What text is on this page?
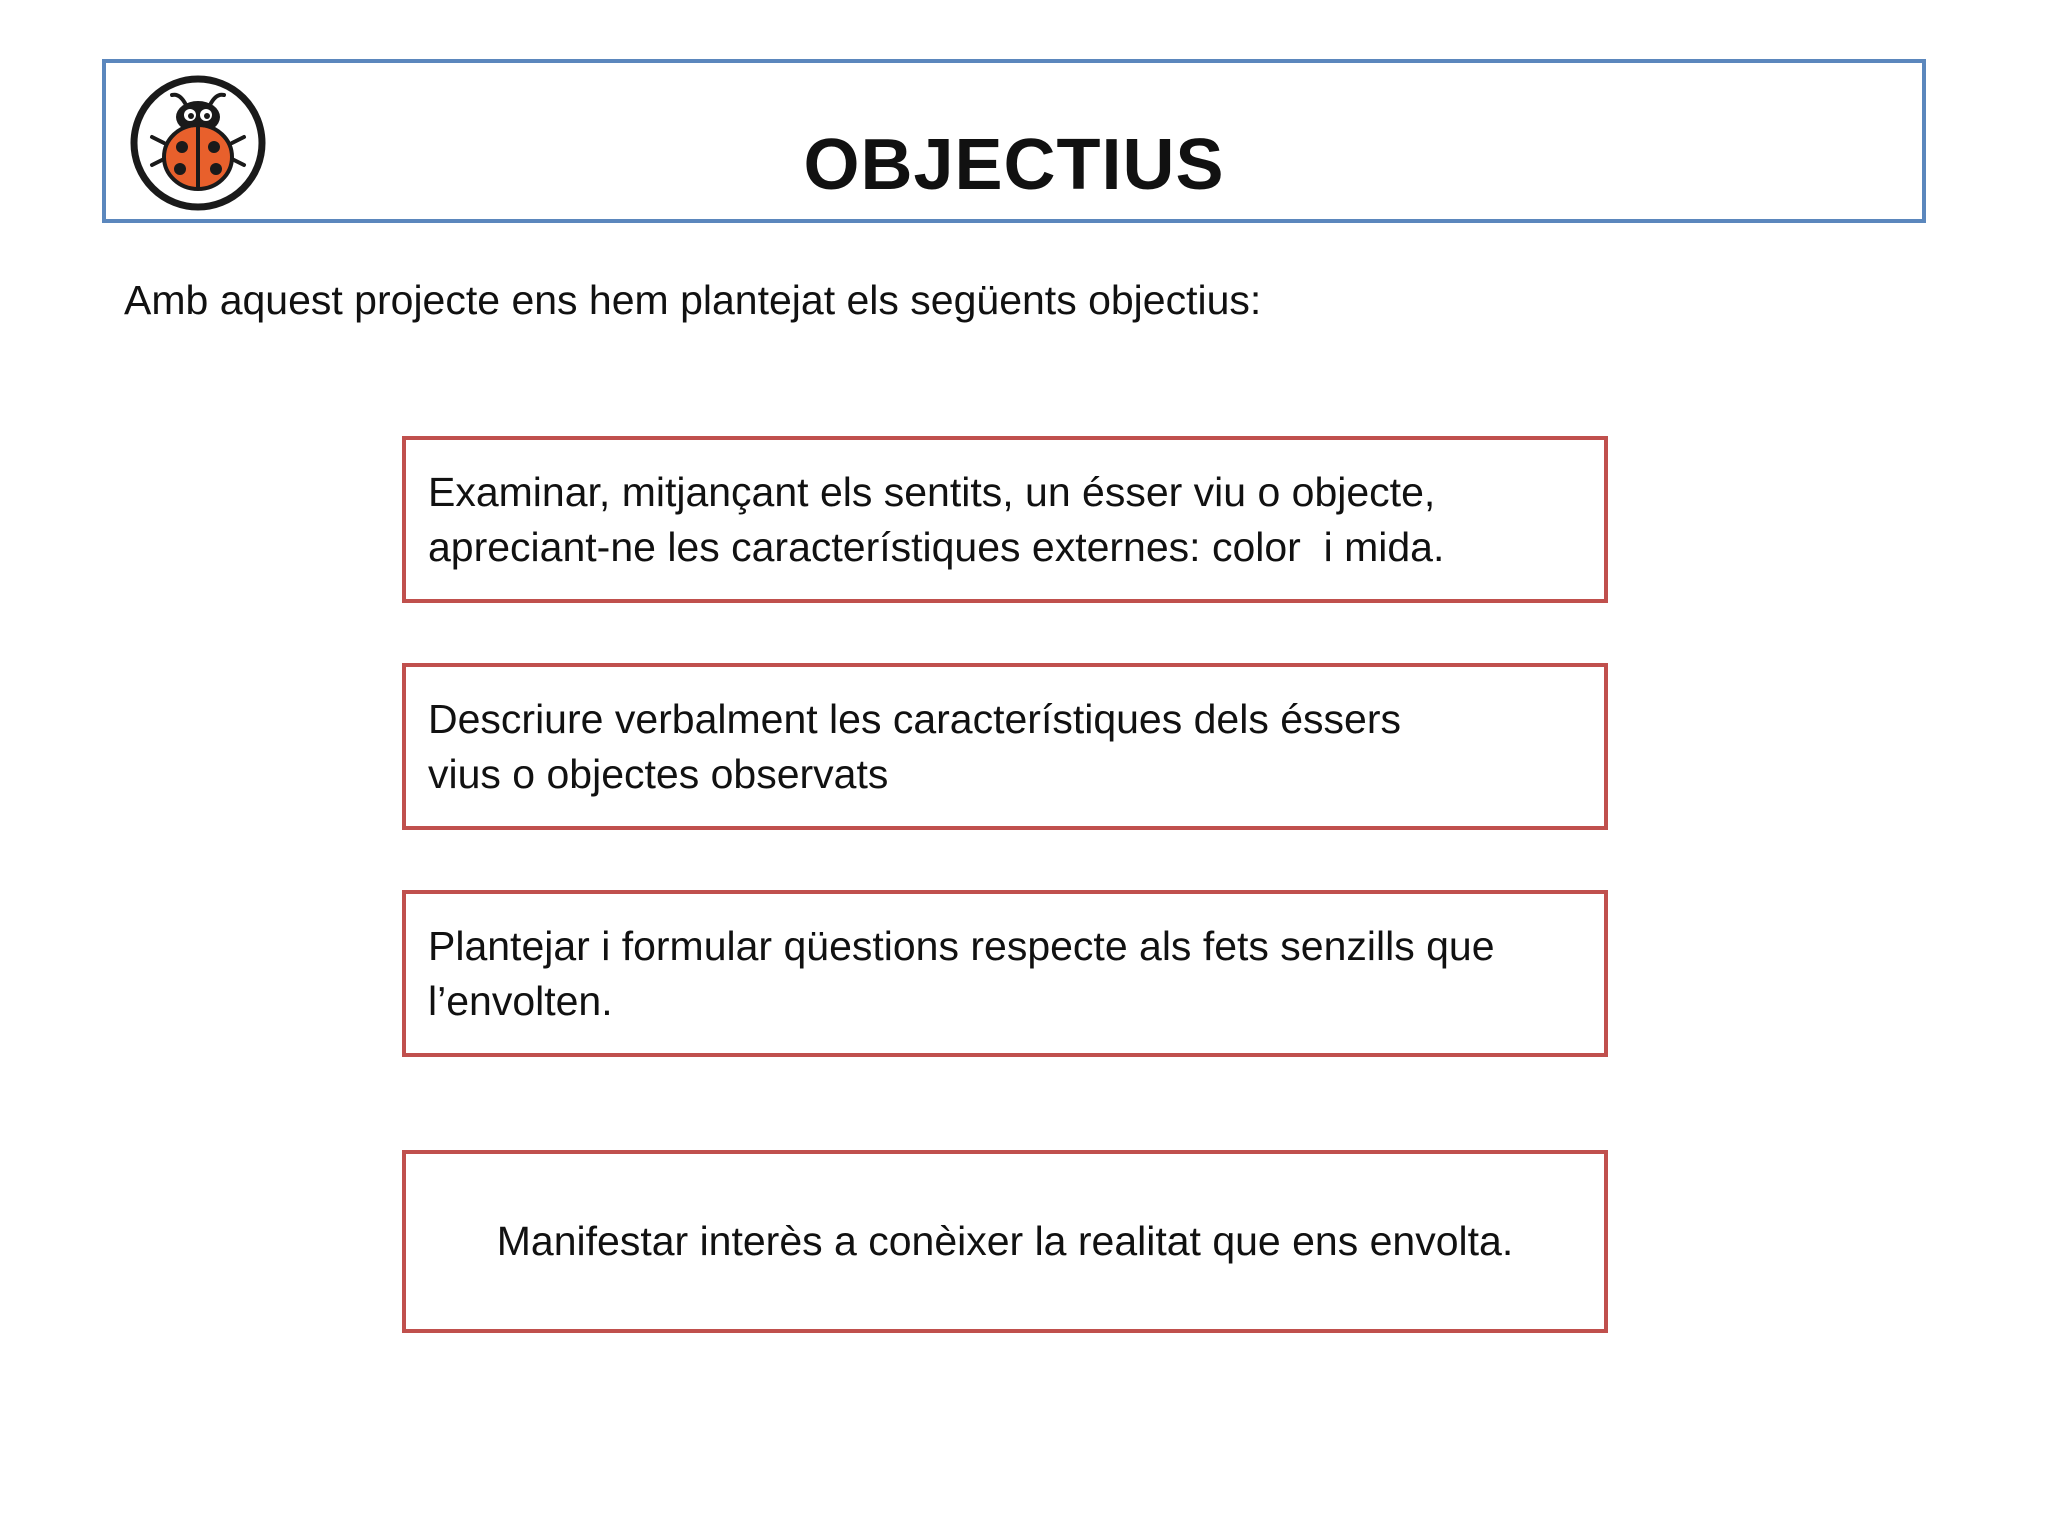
OBJECTIUS
Amb aquest projecte ens hem plantejat els següents objectius:
Examinar, mitjançant els sentits, un ésser viu o objecte,
apreciant-ne les característiques externes: color  i mida.
Descriure verbalment les característiques dels éssers
vius o objectes observats
Plantejar i formular qüestions respecte als fets senzills que
l’envolten.
Manifestar interès a conèixer la realitat que ens envolta.
